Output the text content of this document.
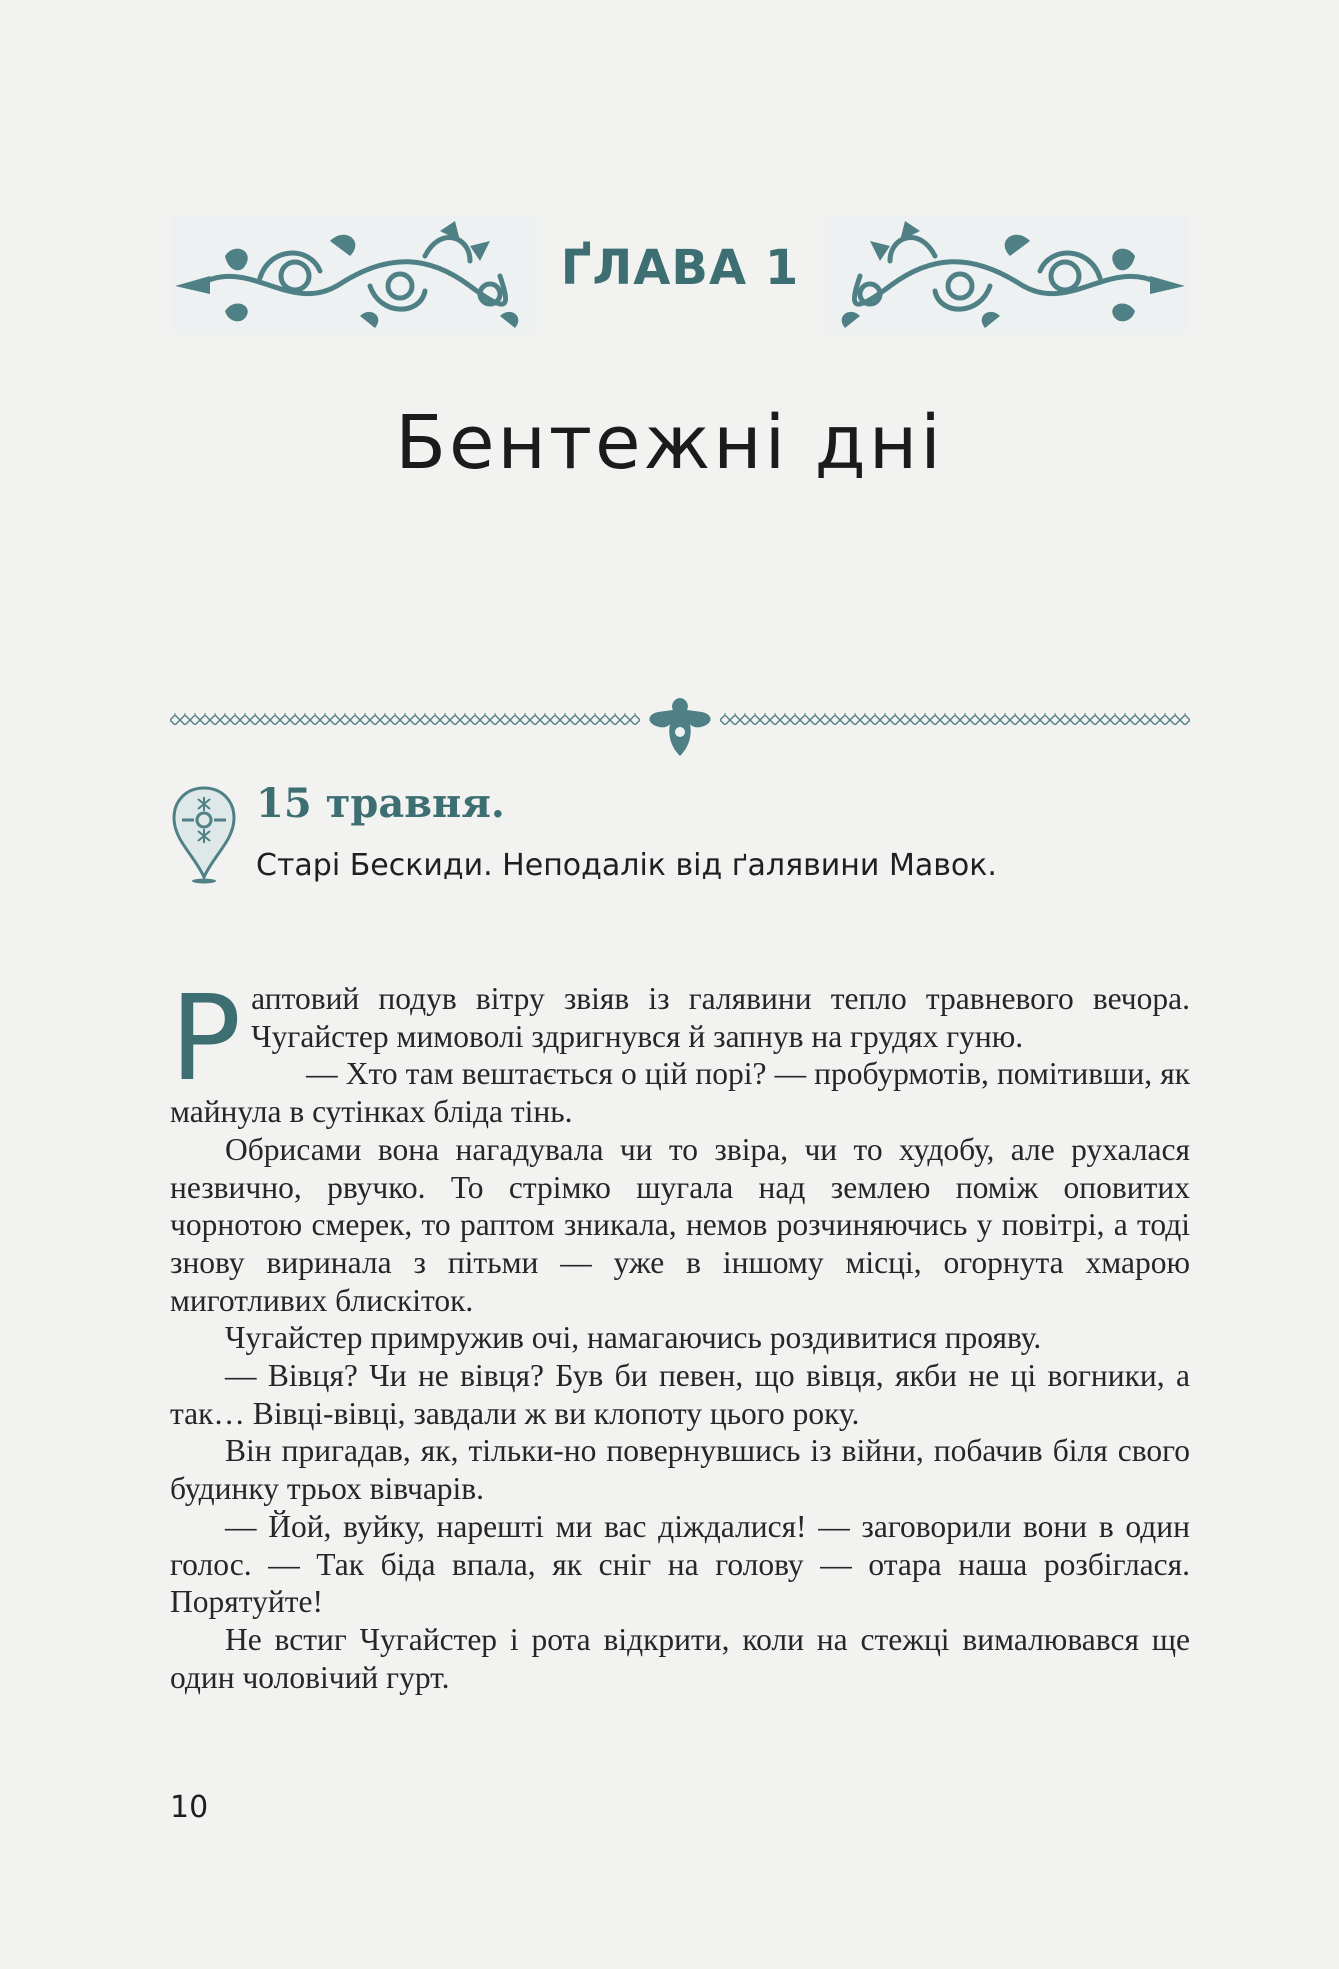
ҐЛАВА 1
Бентежні дні
15 травня.
Старі Бескиди. Неподалік від ґалявини Мавок.

Раптовий подув вітру звіяв із галявини тепло травневого вечора. Чугайстер мимоволі здригнувся й запнув на грудях гуню.

— Хто там вештається о цій порі? — пробурмотів, помітивши, як майнула в сутінках бліда тінь.

Обрисами вона нагадувала чи то звіра, чи то худобу, але рухалася незвично, рвучко. То стрімко шугала над землею поміж оповитих чорнотою смерек, то раптом зникала, немов розчиняючись у повітрі, а тоді знову виринала з пітьми — уже в іншому місці, огорнута хмарою миготливих блискіток.

Чугайстер примружив очі, намагаючись роздивитися прояву.

— Вівця? Чи не вівця? Був би певен, що вівця, якби не ці вогники, а так… Вівці-вівці, завдали ж ви клопоту цього року.

Він пригадав, як, тільки-но повернувшись із війни, побачив біля свого будинку трьох вівчарів.

— Йой, вуйку, нарешті ми вас діждалися! — заговорили вони в один голос. — Так біда впала, як сніг на голову — отара наша розбіглася. Порятуйте!

Не встиг Чугайстер і рота відкрити, коли на стежці вималювався ще один чоловічий гурт.

10
